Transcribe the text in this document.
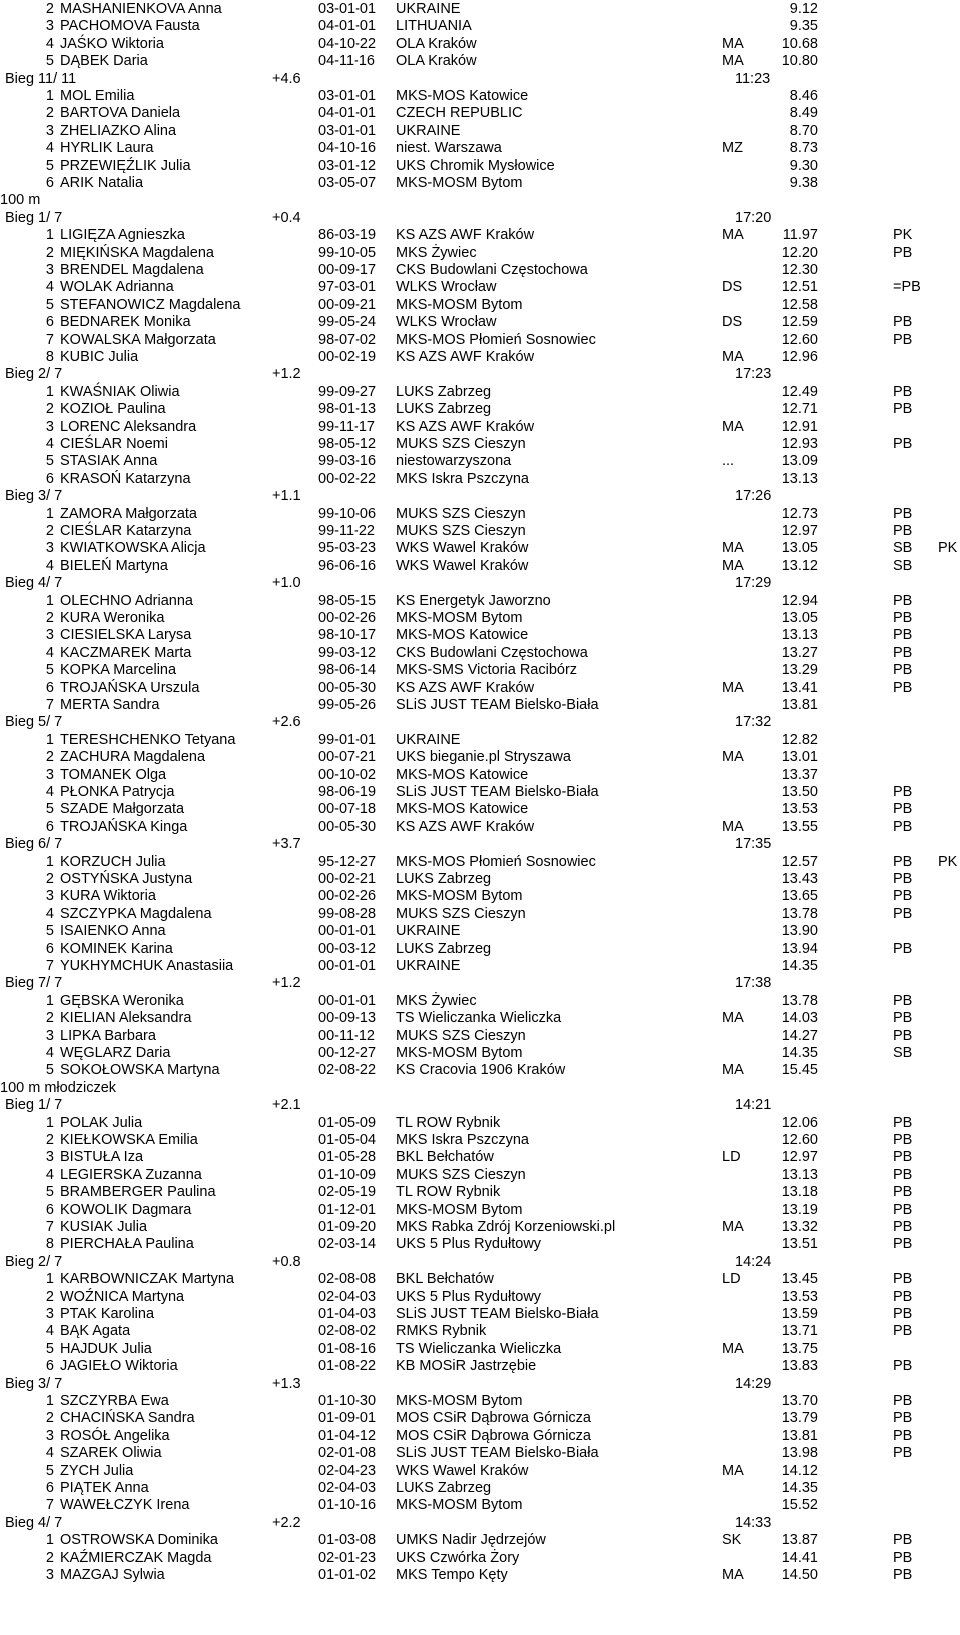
2 MASHANIENKOVA Anna	03-01-01 UKRAINE	9.12
3 PACHOMOVA Fausta	04-01-01 LITHUANIA	9.35
4 JAŚKO Wiktoria	04-10-22 OLA Kraków	MA	10.68
5 DĄBEK Daria	04-11-16 OLA Kraków	MA	10.80
Bieg 11/ 11	+4.6	11:23
1 MOL Emilia	03-01-01 MKS-MOS Katowice	8.46
2 BARTOVA Daniela	04-01-01 CZECH REPUBLIC	8.49
3 ZHELIAZKO Alina	03-01-01 UKRAINE	8.70
4 HYRLIK Laura	04-10-16 niest. Warszawa	MZ	8.73
5 PRZEWIĘŹLIK Julia	03-01-12 UKS Chromik Mysłowice	9.30
6 ARIK Natalia	03-05-07 MKS-MOSM Bytom	9.38
100 m
Bieg 1/ 7	+0.4	17:20
1 LIGIĘZA Agnieszka	86-03-19 KS AZS AWF Kraków	MA	11.97	PK
2 MIĘKIŃSKA Magdalena	99-10-05 MKS Żywiec	12.20	PB
3 BRENDEL Magdalena	00-09-17 CKS Budowlani Częstochowa	12.30
4 WOLAK Adrianna	97-03-01 WLKS Wrocław	DS	12.51	=PB
5 STEFANOWICZ Magdalena	00-09-21 MKS-MOSM Bytom	12.58
6 BEDNAREK Monika	99-05-24 WLKS Wrocław	DS	12.59	PB
7 KOWALSKA Małgorzata	98-07-02 MKS-MOS Płomień Sosnowiec	12.60	PB
8 KUBIC Julia	00-02-19 KS AZS AWF Kraków	MA	12.96
Bieg 2/ 7	+1.2	17:23
1 KWAŚNIAK Oliwia	99-09-27 LUKS Zabrzeg	12.49	PB
2 KOZIOŁ Paulina	98-01-13 LUKS Zabrzeg	12.71	PB
3 LORENC Aleksandra	99-11-17 KS AZS AWF Kraków	MA	12.91
4 CIEŚLAR Noemi	98-05-12 MUKS SZS Cieszyn	12.93	PB
5 STASIAK Anna	99-03-16 niestowarzyszona	...	13.09
6 KRASOŃ Katarzyna	00-02-22 MKS Iskra Pszczyna	13.13
Bieg 3/ 7	+1.1	17:26
1 ZAMORA Małgorzata	99-10-06 MUKS SZS Cieszyn	12.73	PB
2 CIEŚLAR Katarzyna	99-11-22 MUKS SZS Cieszyn	12.97	PB
3 KWIATKOWSKA Alicja	95-03-23 WKS Wawel Kraków	MA	13.05	SB PK
4 BIELEŃ Martyna	96-06-16 WKS Wawel Kraków	MA	13.12	SB
Bieg 4/ 7	+1.0	17:29
1 OLECHNO Adrianna	98-05-15 KS Energetyk Jaworzno	12.94	PB
2 KURA Weronika	00-02-26 MKS-MOSM Bytom	13.05	PB
3 CIESIELSKA Larysa	98-10-17 MKS-MOS Katowice	13.13	PB
4 KACZMAREK Marta	99-03-12 CKS Budowlani Częstochowa	13.27	PB
5 KOPKA Marcelina	98-06-14 MKS-SMS Victoria Racibórz	13.29	PB
6 TROJAŃSKA Urszula	00-05-30 KS AZS AWF Kraków	MA	13.41	PB
7 MERTA Sandra	99-05-26 SLiS JUST TEAM Bielsko-Biała	13.81
Bieg 5/ 7	+2.6	17:32
1 TERESHCHENKO Tetyana	99-01-01 UKRAINE	12.82
2 ZACHURA Magdalena	00-07-21 UKS bieganie.pl Stryszawa	MA	13.01
3 TOMANEK Olga	00-10-02 MKS-MOS Katowice	13.37
4 PŁONKA Patrycja	98-06-19 SLiS JUST TEAM Bielsko-Biała	13.50	PB
5 SZADE Małgorzata	00-07-18 MKS-MOS Katowice	13.53	PB
6 TROJAŃSKA Kinga	00-05-30 KS AZS AWF Kraków	MA	13.55	PB
Bieg 6/ 7	+3.7	17:35
1 KORZUCH Julia	95-12-27 MKS-MOS Płomień Sosnowiec	12.57	PB PK
2 OSTYŃSKA Justyna	00-02-21 LUKS Zabrzeg	13.43	PB
3 KURA Wiktoria	00-02-26 MKS-MOSM Bytom	13.65	PB
4 SZCZYPKA Magdalena	99-08-28 MUKS SZS Cieszyn	13.78	PB
5 ISAIENKO Anna	00-01-01 UKRAINE	13.90
6 KOMINEK Karina	00-03-12 LUKS Zabrzeg	13.94	PB
7 YUKHYMCHUK Anastasiia	00-01-01 UKRAINE	14.35
Bieg 7/ 7	+1.2	17:38
1 GĘBSKA Weronika	00-01-01 MKS Żywiec	13.78	PB
2 KIELIAN Aleksandra	00-09-13 TS Wieliczanka Wieliczka	MA	14.03	PB
3 LIPKA Barbara	00-11-12 MUKS SZS Cieszyn	14.27	PB
4 WĘGLARZ Daria	00-12-27 MKS-MOSM Bytom	14.35	SB
5 SOKOŁOWSKA Martyna	02-08-22 KS Cracovia 1906 Kraków	MA	15.45
100 m młodziczek
Bieg 1/ 7	+2.1	14:21
1 POLAK Julia	01-05-09 TL ROW Rybnik	12.06	PB
2 KIEŁKOWSKA Emilia	01-05-04 MKS Iskra Pszczyna	12.60	PB
3 BISTUŁA Iza	01-05-28 BKL Bełchatów	LD	12.97	PB
4 LEGIERSKA Zuzanna	01-10-09 MUKS SZS Cieszyn	13.13	PB
5 BRAMBERGER Paulina	02-05-19 TL ROW Rybnik	13.18	PB
6 KOWOLIK Dagmara	01-12-01 MKS-MOSM Bytom	13.19	PB
7 KUSIAK Julia	01-09-20 MKS Rabka Zdrój Korzeniowski.pl	MA	13.32	PB
8 PIERCHAŁA Paulina	02-03-14 UKS 5 Plus Rydułtowy	13.51	PB
Bieg 2/ 7	+0.8	14:24
1 KARBOWNICZAK Martyna	02-08-08 BKL Bełchatów	LD	13.45	PB
2 WOŹNICA Martyna	02-04-03 UKS 5 Plus Rydułtowy	13.53	PB
3 PTAK Karolina	01-04-03 SLiS JUST TEAM Bielsko-Biała	13.59	PB
4 BĄK Agata	02-08-02 RMKS Rybnik	13.71	PB
5 HAJDUK Julia	01-08-16 TS Wieliczanka Wieliczka	MA	13.75
6 JAGIEŁO Wiktoria	01-08-22 KB MOSiR Jastrzębie	13.83	PB
Bieg 3/ 7	+1.3	14:29
1 SZCZYRBA Ewa	01-10-30 MKS-MOSM Bytom	13.70	PB
2 CHACIŃSKA Sandra	01-09-01 MOS CSiR Dąbrowa Górnicza	13.79	PB
3 ROSÓŁ Angelika	01-04-12 MOS CSiR Dąbrowa Górnicza	13.81	PB
4 SZAREK Oliwia	02-01-08 SLiS JUST TEAM Bielsko-Biała	13.98	PB
5 ZYCH Julia	02-04-23 WKS Wawel Kraków	MA	14.12
6 PIĄTEK Anna	02-04-03 LUKS Zabrzeg	14.35
7 WAWEŁCZYK Irena	01-10-16 MKS-MOSM Bytom	15.52
Bieg 4/ 7	+2.2	14:33
1 OSTROWSKA Dominika	01-03-08 UMKS Nadir Jędrzejów	SK	13.87	PB
2 KAŹMIERCZAK Magda	02-01-23 UKS Czwórka Żory	14.41	PB
3 MAZGAJ Sylwia	01-01-02 MKS Tempo Kęty	MA	14.50	PB
